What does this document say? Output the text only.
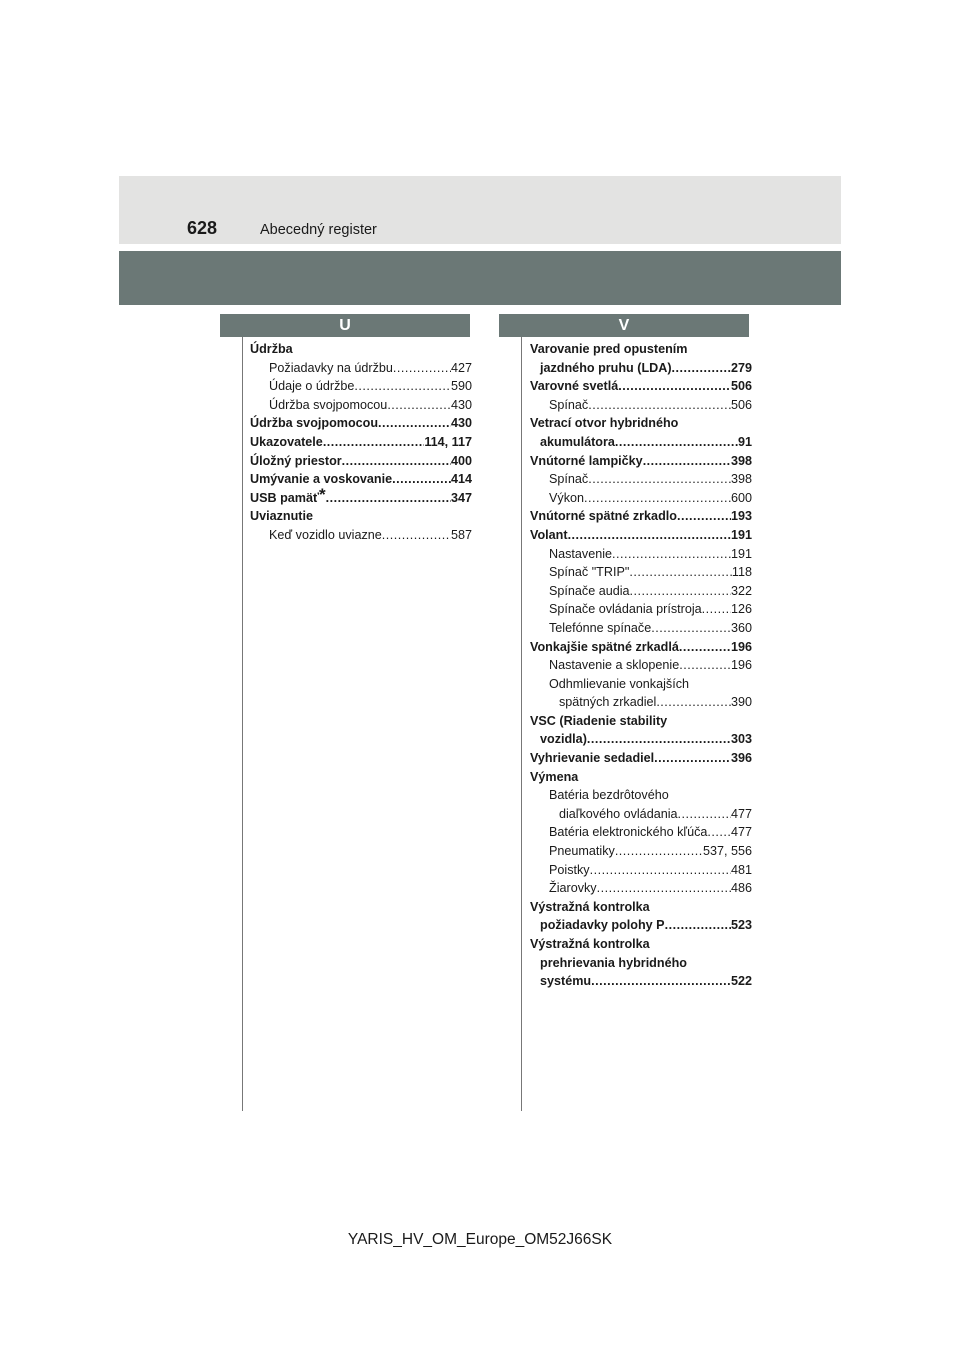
628	Abecedný register
U	V
Údržba
Požiadavky na údržbu .....	427
Údaje o údržbe .....	590
Údržba svojpomocou .....	430
Údržba svojpomocou .....	430
Ukazovatele .....	114, 117
Úložný priestor .....	400
Umývanie a voskovanie .....	414
USB pamäť* .....	347
Uviaznutie
Keď vozidlo uviazne .....	587
Varovanie pred opustením
jazdného pruhu (LDA) .....	279
Varovné svetlá .....	506
Spínač .....	506
Vetrací otvor hybridného
akumulátora .....	91
Vnútorné lampičky .....	398
Spínač .....	398
Výkon .....	600
Vnútorné spätné zrkadlo .....	193
Volant .....	191
Nastavenie .....	191
Spínač "TRIP" .....	118
Spínače audia .....	322
Spínače ovládania prístroja ..... 126
Telefónne spínače .....	360
Vonkajšie spätné zrkadlá .....	196
Nastavenie a sklopenie .....	196
Odhmlievanie vonkajších
spätných zrkadiel .....	390
VSC (Riadenie stability
vozidla) .....	303
Vyhrievanie sedadiel .....	396
Výmena
Batéria bezdrôtového
diaľkového ovládania .....	477
Batéria elektronického kľúča ..... 477
Pneumatiky .....	537, 556
Poistky .....	481
Žiarovky .....	486
Výstražná kontrolka
požiadavky polohy P .....	523
Výstražná kontrolka
prehrievania hybridného
systému .....	522
YARIS_HV_OM_Europe_OM52J66SK
